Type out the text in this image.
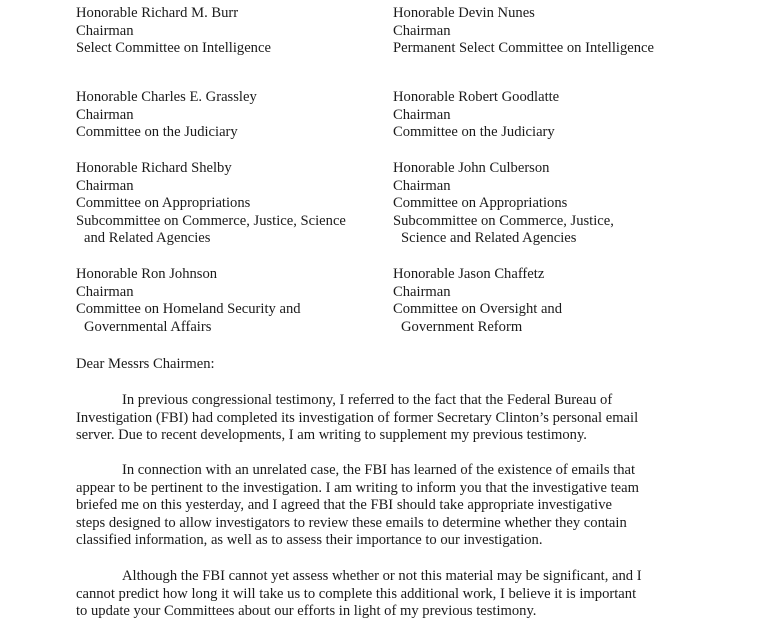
Honorable Richard M. Burr
Chairman
Select Committee on Intelligence
Honorable Devin Nunes
Chairman
Permanent Select Committee on Intelligence
Honorable Charles E. Grassley
Chairman
Committee on the Judiciary
Honorable Robert Goodlatte
Chairman
Committee on the Judiciary
Honorable Richard Shelby
Chairman
Committee on Appropriations
Subcommittee on Commerce, Justice, Science
and Related Agencies
Honorable John Culberson
Chairman
Committee on Appropriations
Subcommittee on Commerce, Justice,
Science and Related Agencies
Honorable Ron Johnson
Chairman
Committee on Homeland Security and
Governmental Affairs
Honorable Jason Chaffetz
Chairman
Committee on Oversight and
Government Reform
Dear Messrs Chairmen:
In previous congressional testimony, I referred to the fact that the Federal Bureau of
Investigation (FBI) had completed its investigation of former Secretary Clinton’s personal email
server. Due to recent developments, I am writing to supplement my previous testimony.
In connection with an unrelated case, the FBI has learned of the existence of emails that
appear to be pertinent to the investigation. I am writing to inform you that the investigative team
briefed me on this yesterday, and I agreed that the FBI should take appropriate investigative
steps designed to allow investigators to review these emails to determine whether they contain
classified information, as well as to assess their importance to our investigation.
Although the FBI cannot yet assess whether or not this material may be significant, and I
cannot predict how long it will take us to complete this additional work, I believe it is important
to update your Committees about our efforts in light of my previous testimony.
